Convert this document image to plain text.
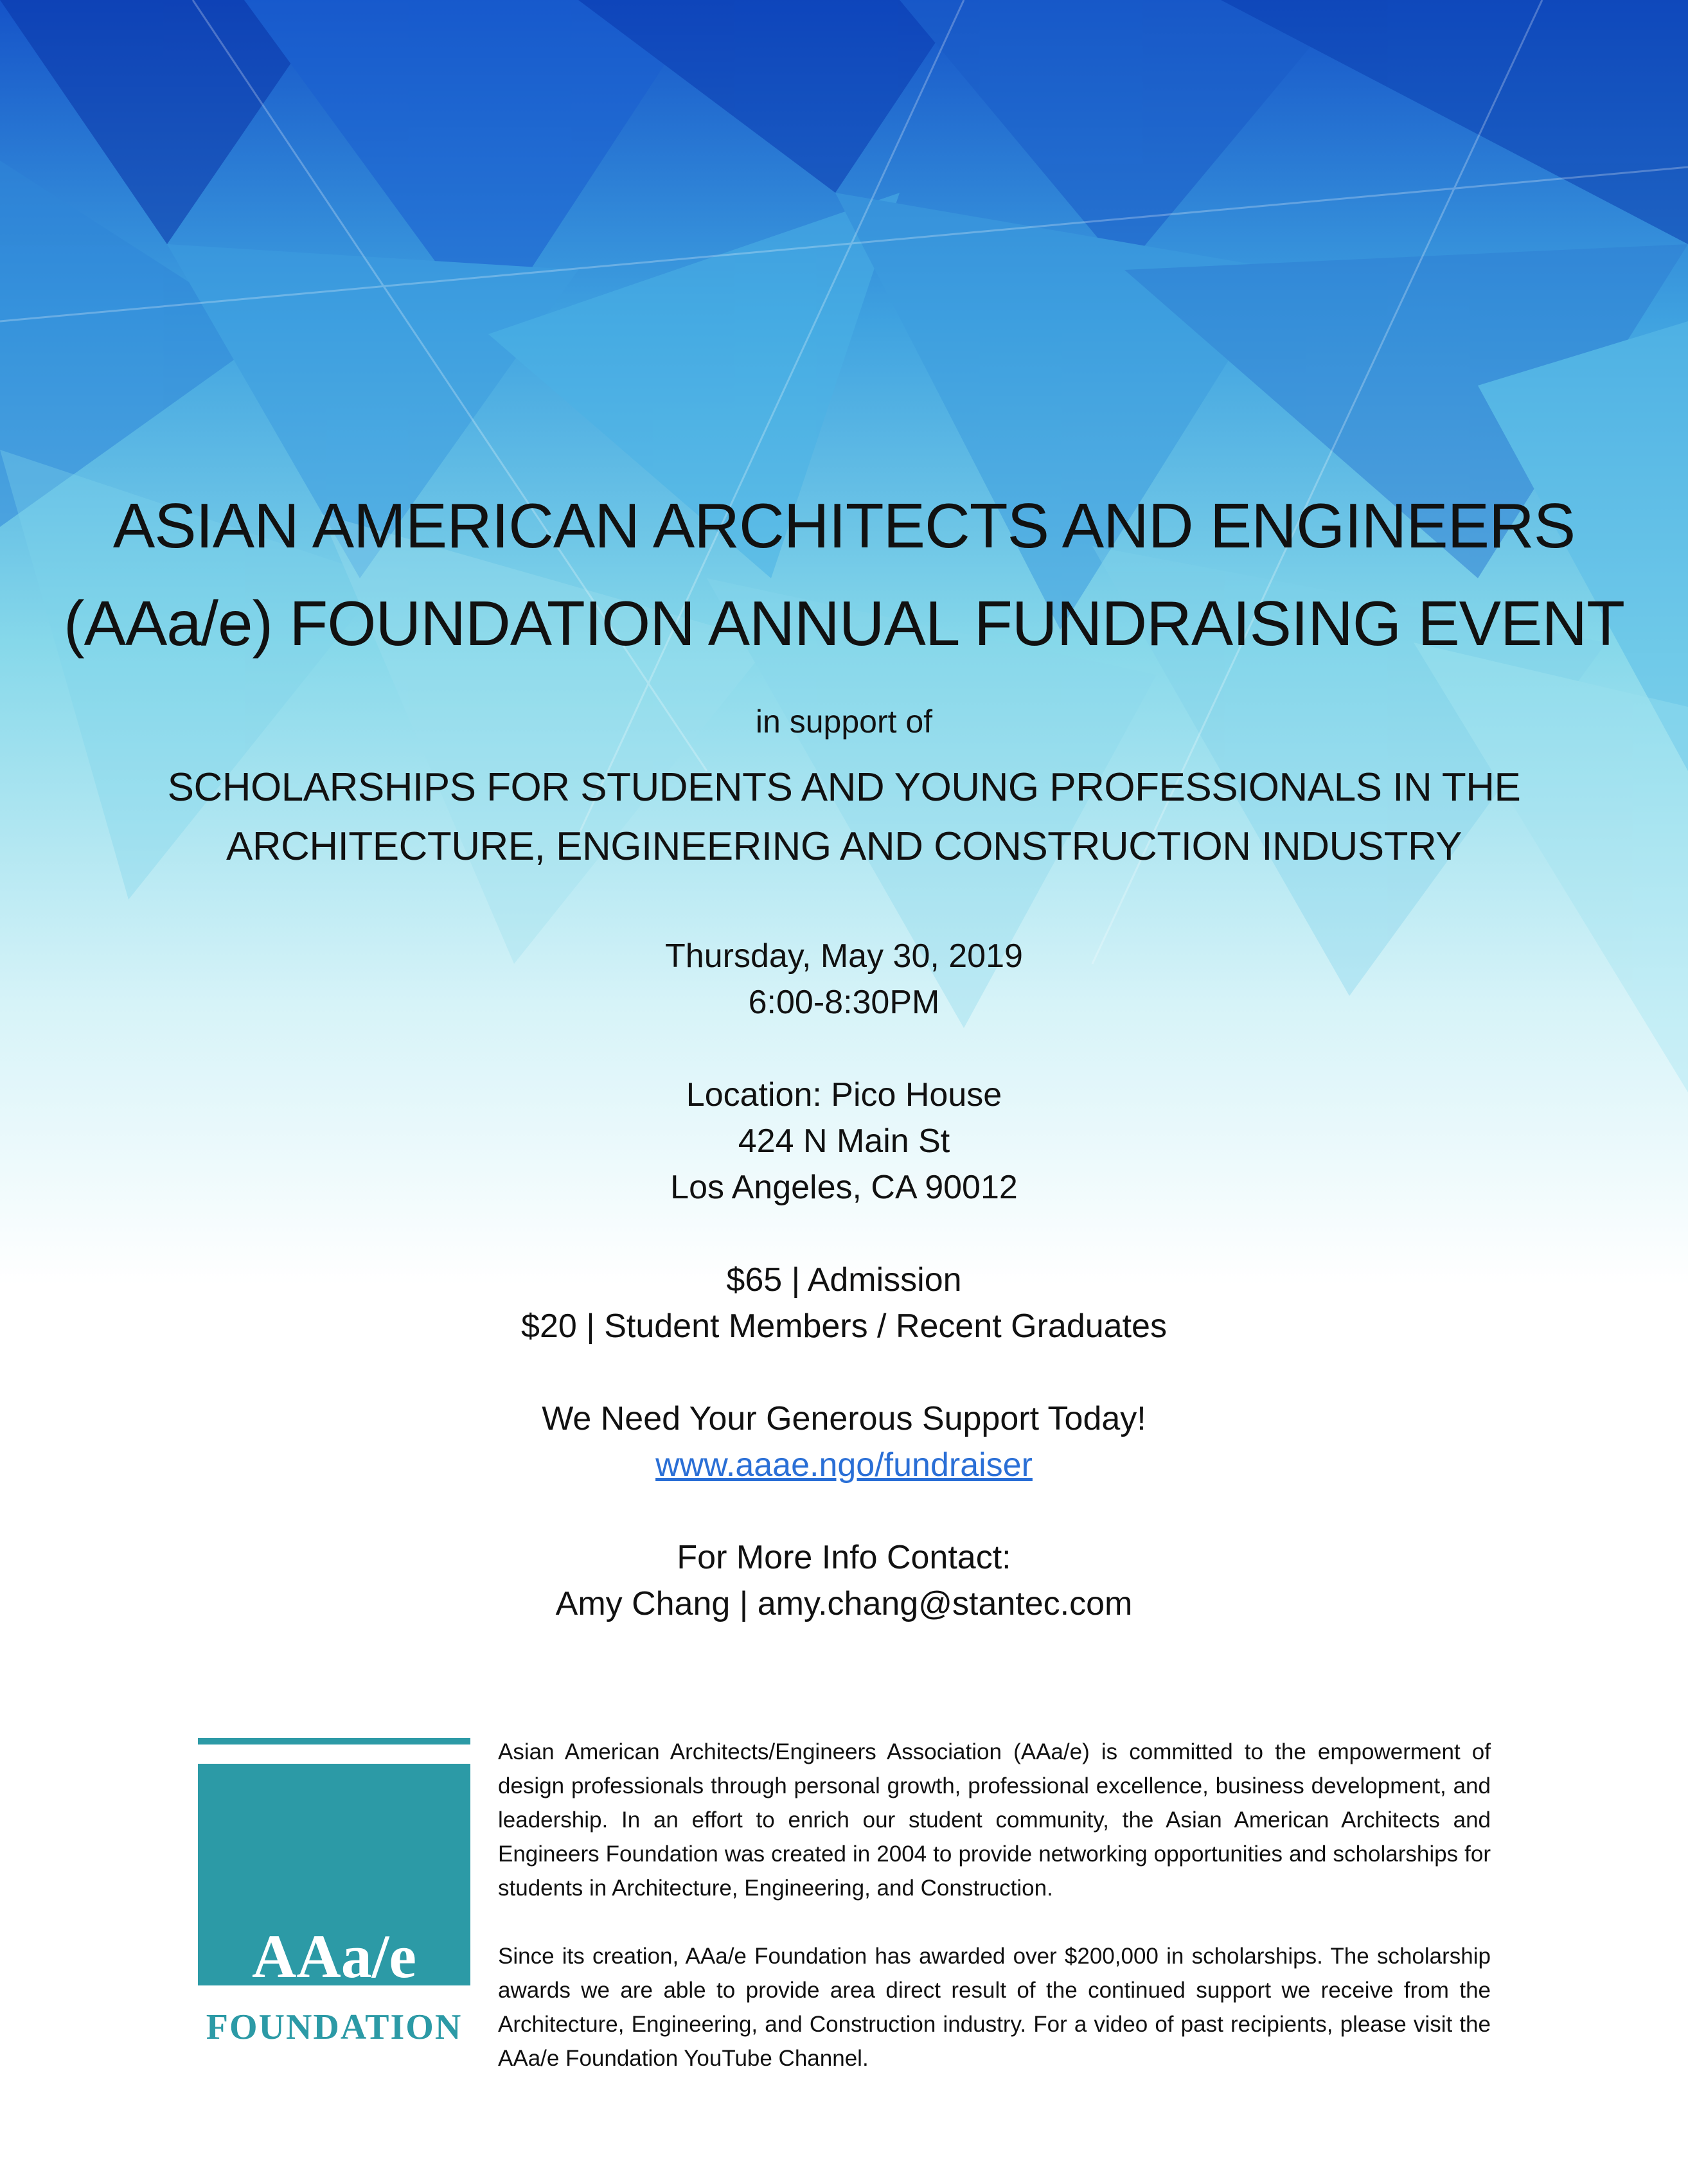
ASIAN AMERICAN ARCHITECTS AND ENGINEERS
(AAa/e) FOUNDATION ANNUAL FUNDRAISING EVENT
in support of
SCHOLARSHIPS FOR STUDENTS AND YOUNG PROFESSIONALS IN THE
ARCHITECTURE, ENGINEERING AND CONSTRUCTION INDUSTRY
Thursday, May 30, 2019
6:00-8:30PM
Location: Pico House
424 N Main St
Los Angeles, CA 90012
$65 | Admission
$20 | Student Members / Recent Graduates
We Need Your Generous Support Today!
www.aaae.ngo/fundraiser
For More Info Contact:
Amy Chang | amy.chang@stantec.com
AAa/e
FOUNDATION

Asian American Architects/Engineers Association (AAa/e) is committed to the empowerment of design professionals through personal growth, professional excellence, business development, and leadership. In an effort to enrich our student community, the Asian American Architects and Engineers Foundation was created in 2004 to provide networking opportunities and scholarships for students in Architecture, Engineering, and Construction.

Since its creation, AAa/e Foundation has awarded over $200,000 in scholarships. The scholarship awards we are able to provide area direct result of the continued support we receive from the Architecture, Engineering, and Construction industry. For a video of past recipients, please visit the AAa/e Foundation YouTube Channel.
